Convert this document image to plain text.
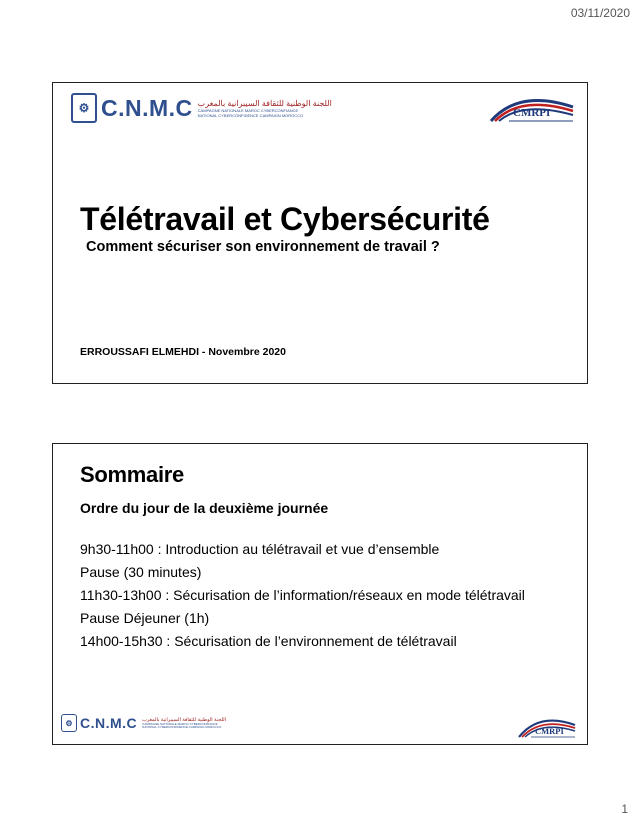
03/11/2020
⚙ C.N.M.C اللجنة الوطنية للثقافة السيبرانية بالمغرب
CAMPAGNE NATIONALE MAROC CYBERCONFIANCE
NATIONAL CYBERCONFIDENCE CAMPAIGN MOROCCO	CMRPI
Télétravail et Cybersécurité
Comment sécuriser son environnement de travail ?
ERROUSSAFI ELMEHDI - Novembre 2020
Sommaire
Ordre du jour de la deuxième journée
9h30-11h00 : Introduction au télétravail et vue d’ensemble
Pause (30 minutes)
11h30-13h00 : Sécurisation de l’information/réseaux en mode télétravail
Pause Déjeuner (1h)
14h00-15h30 : Sécurisation de l’environnement de télétravail
⚙ C.N.M.C اللجنة الوطنية للثقافة السيبرانية بالمغرب
CAMPAGNE NATIONALE MAROC CYBERCONFIANCE
NATIONAL CYBERCONFIDENCE CAMPAIGN MOROCCO	CMRPI
1
